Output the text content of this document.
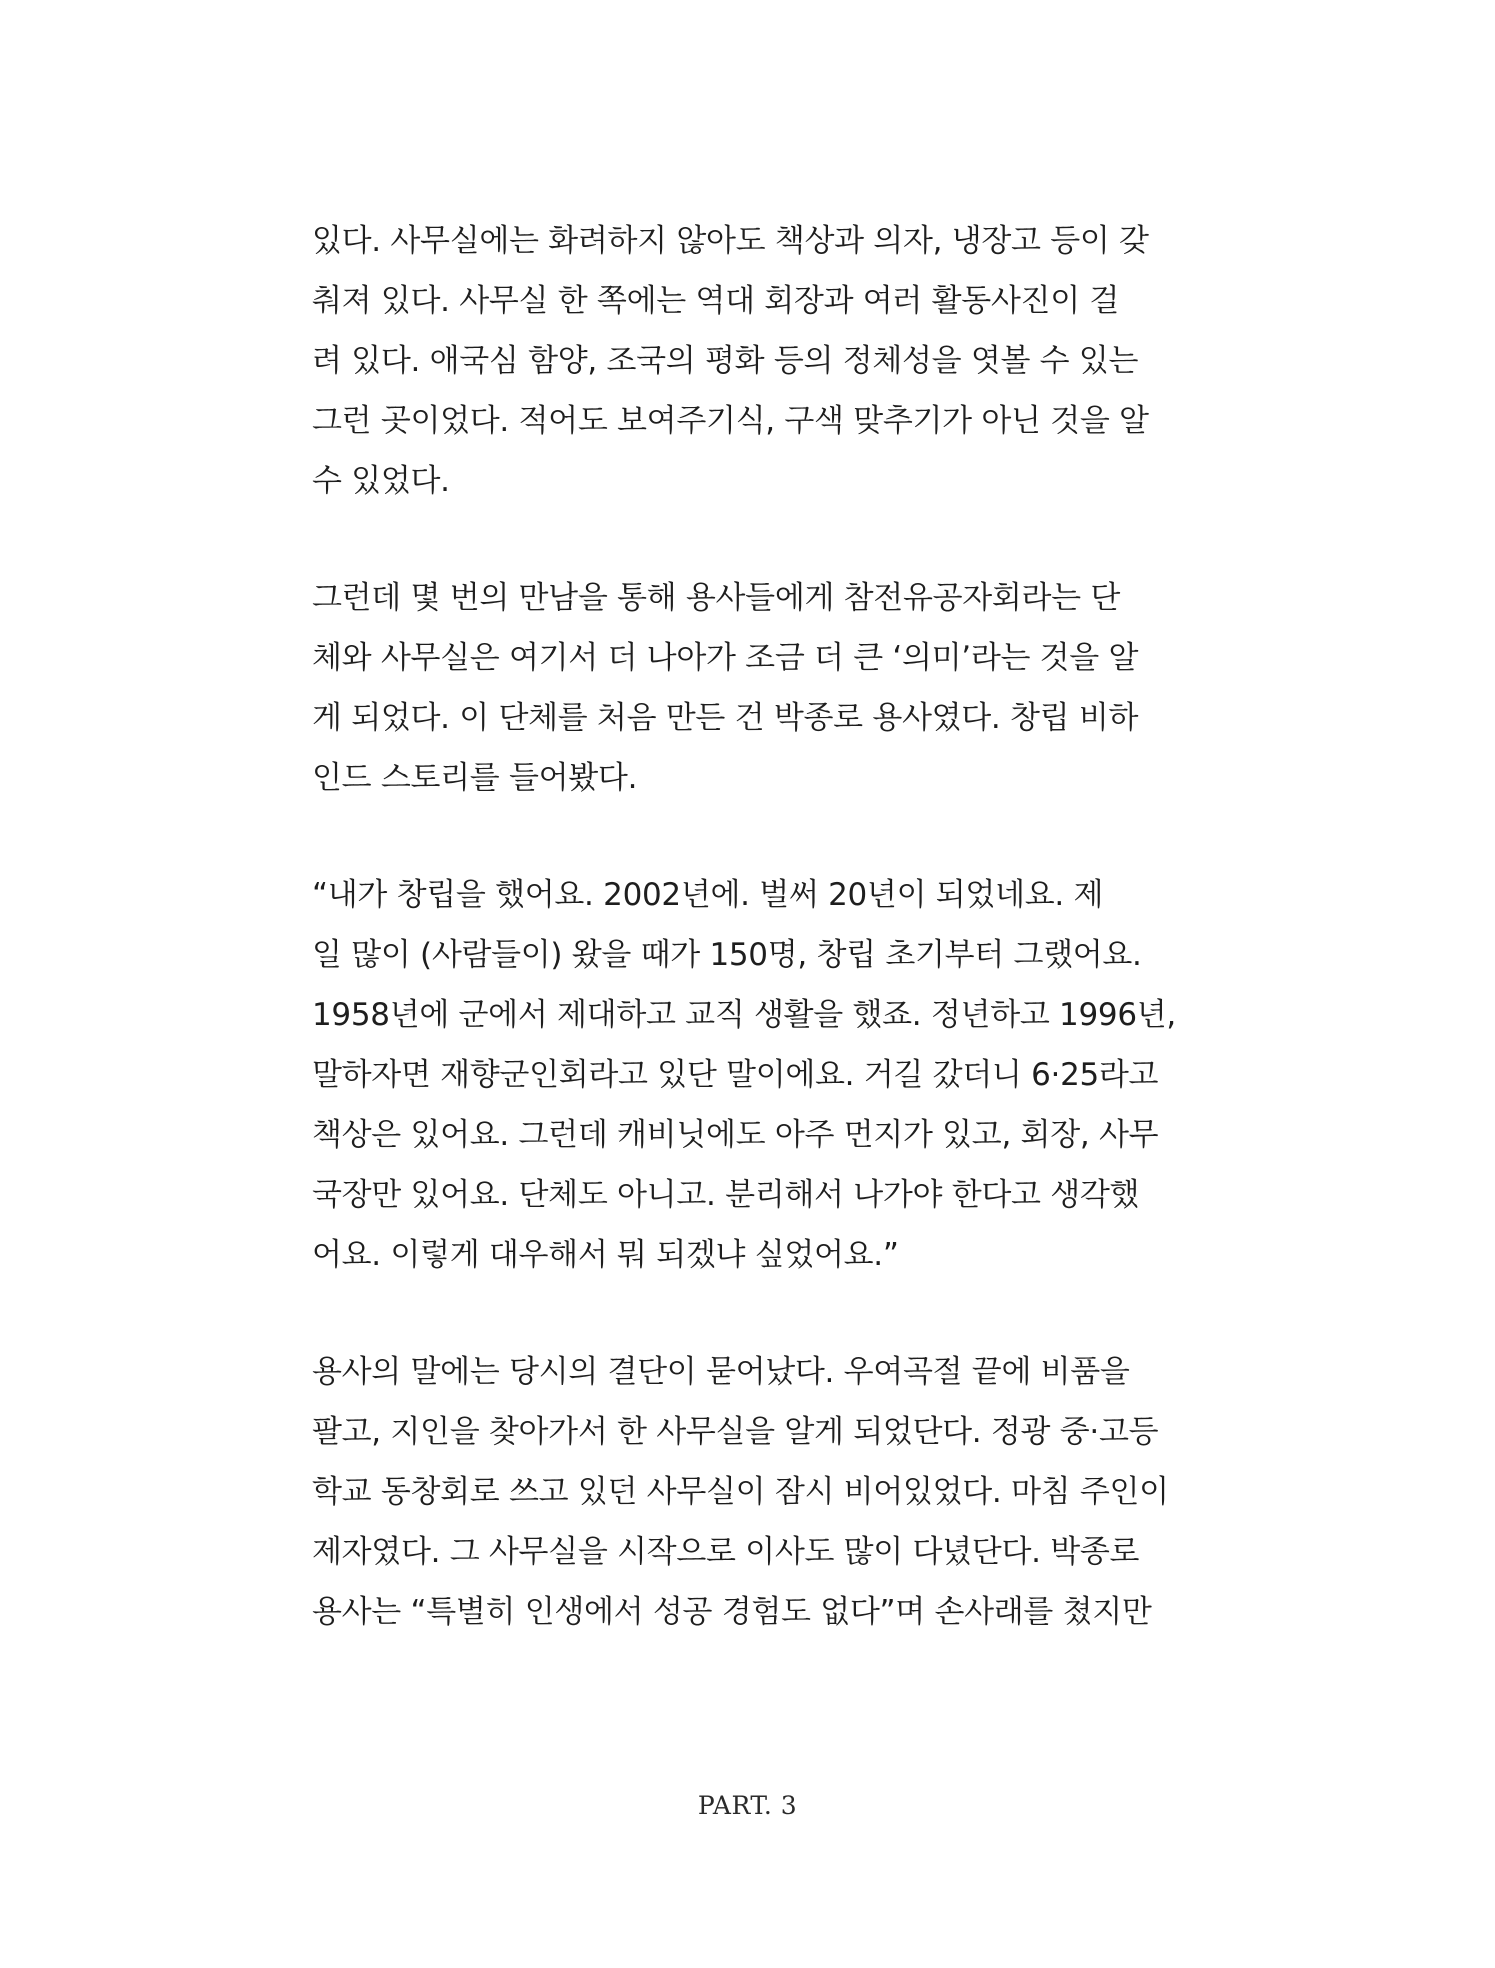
있다. 사무실에는 화려하지 않아도 책상과 의자, 냉장고 등이 갖
춰져 있다. 사무실 한 쪽에는 역대 회장과 여러 활동사진이 걸
려 있다. 애국심 함양, 조국의 평화 등의 정체성을 엿볼 수 있는
그런 곳이었다. 적어도 보여주기식, 구색 맞추기가 아닌 것을 알
수 있었다.
그런데 몇 번의 만남을 통해 용사들에게 참전유공자회라는 단
체와 사무실은 여기서 더 나아가 조금 더 큰 ‘의미’라는 것을 알
게 되었다. 이 단체를 처음 만든 건 박종로 용사였다. 창립 비하
인드 스토리를 들어봤다.
“내가 창립을 했어요. 2002년에. 벌써 20년이 되었네요. 제
일 많이 (사람들이) 왔을 때가 150명, 창립 초기부터 그랬어요.
1958년에 군에서 제대하고 교직 생활을 했죠. 정년하고 1996년,
말하자면 재향군인회라고 있단 말이에요. 거길 갔더니 6·25라고
책상은 있어요. 그런데 캐비닛에도 아주 먼지가 있고, 회장, 사무
국장만 있어요. 단체도 아니고. 분리해서 나가야 한다고 생각했
어요. 이렇게 대우해서 뭐 되겠냐 싶었어요.”
용사의 말에는 당시의 결단이 묻어났다. 우여곡절 끝에 비품을
팔고, 지인을 찾아가서 한 사무실을 알게 되었단다. 정광 중·고등
학교 동창회로 쓰고 있던 사무실이 잠시 비어있었다. 마침 주인이
제자였다. 그 사무실을 시작으로 이사도 많이 다녔단다. 박종로
용사는 “특별히 인생에서 성공 경험도 없다”며 손사래를 쳤지만
PART. 3
